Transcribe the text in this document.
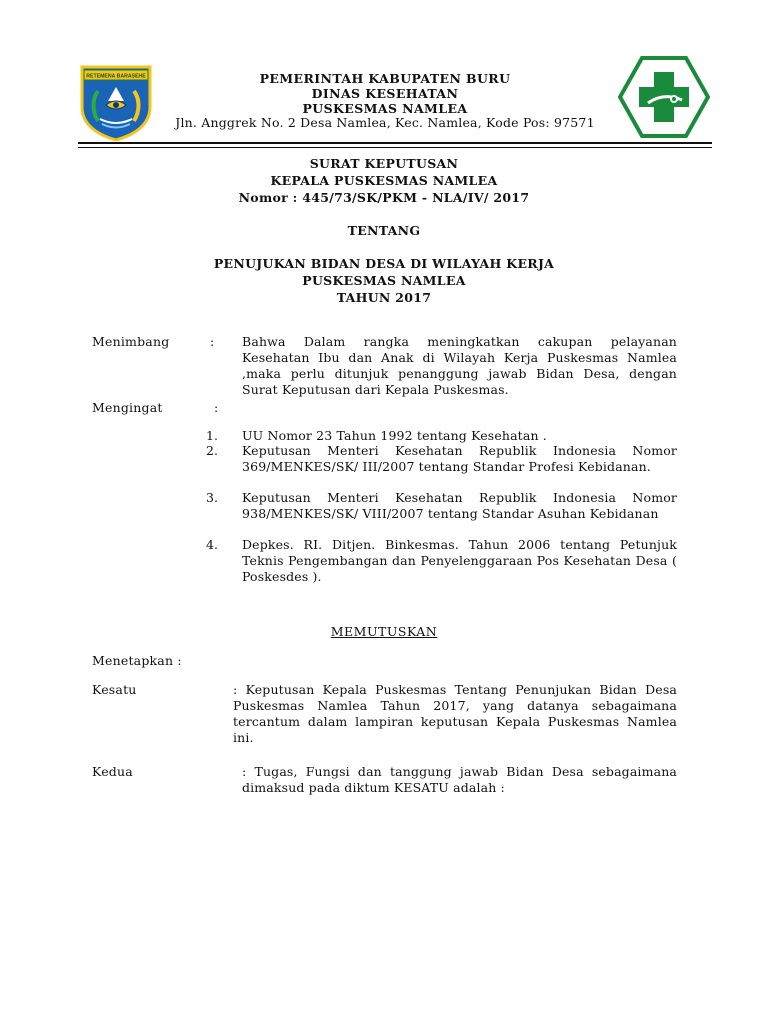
RETEMENA BARASEHE	PEMERINTAH KABUPATEN BURU
DINAS KESEHATAN
PUSKESMAS NAMLEA
Jln. Anggrek No. 2 Desa Namlea, Kec. Namlea, Kode Pos: 97571
SURAT KEPUTUSAN
KEPALA PUSKESMAS NAMLEA
Nomor : 445/73/SK/PKM - NLA/IV/ 2017
TENTANG
PENUJUKAN BIDAN DESA DI WILAYAH KERJA
PUSKESMAS NAMLEA
TAHUN 2017
Menimbang	: Bahwa Dalam rangka meningkatkan cakupan pelayanan Kesehatan Ibu dan Anak di Wilayah Kerja Puskesmas Namlea ,maka perlu ditunjuk penanggung jawab Bidan Desa, dengan Surat Keputusan dari Kepala Puskesmas.
Mengingat	:
1. UU Nomor 23 Tahun 1992 tentang Kesehatan .
2. Keputusan Menteri Kesehatan Republik Indonesia Nomor 369/MENKES/SK/ III/2007 tentang Standar Profesi Kebidanan.
3. Keputusan Menteri Kesehatan Republik Indonesia Nomor 938/MENKES/SK/ VIII/2007 tentang Standar Asuhan Kebidanan
4. Depkes. RI. Ditjen. Binkesmas. Tahun 2006 tentang Petunjuk Teknis Pengembangan dan Penyelenggaraan Pos Kesehatan Desa ( Poskesdes ).
MEMUTUSKAN
Menetapkan :
Kesatu	: Keputusan Kepala Puskesmas Tentang Penunjukan Bidan Desa Puskesmas Namlea Tahun 2017, yang datanya sebagaimana tercantum dalam lampiran keputusan Kepala Puskesmas Namlea ini.
Kedua	: Tugas, Fungsi dan tanggung jawab Bidan Desa sebagaimana dimaksud pada diktum KESATU adalah :
